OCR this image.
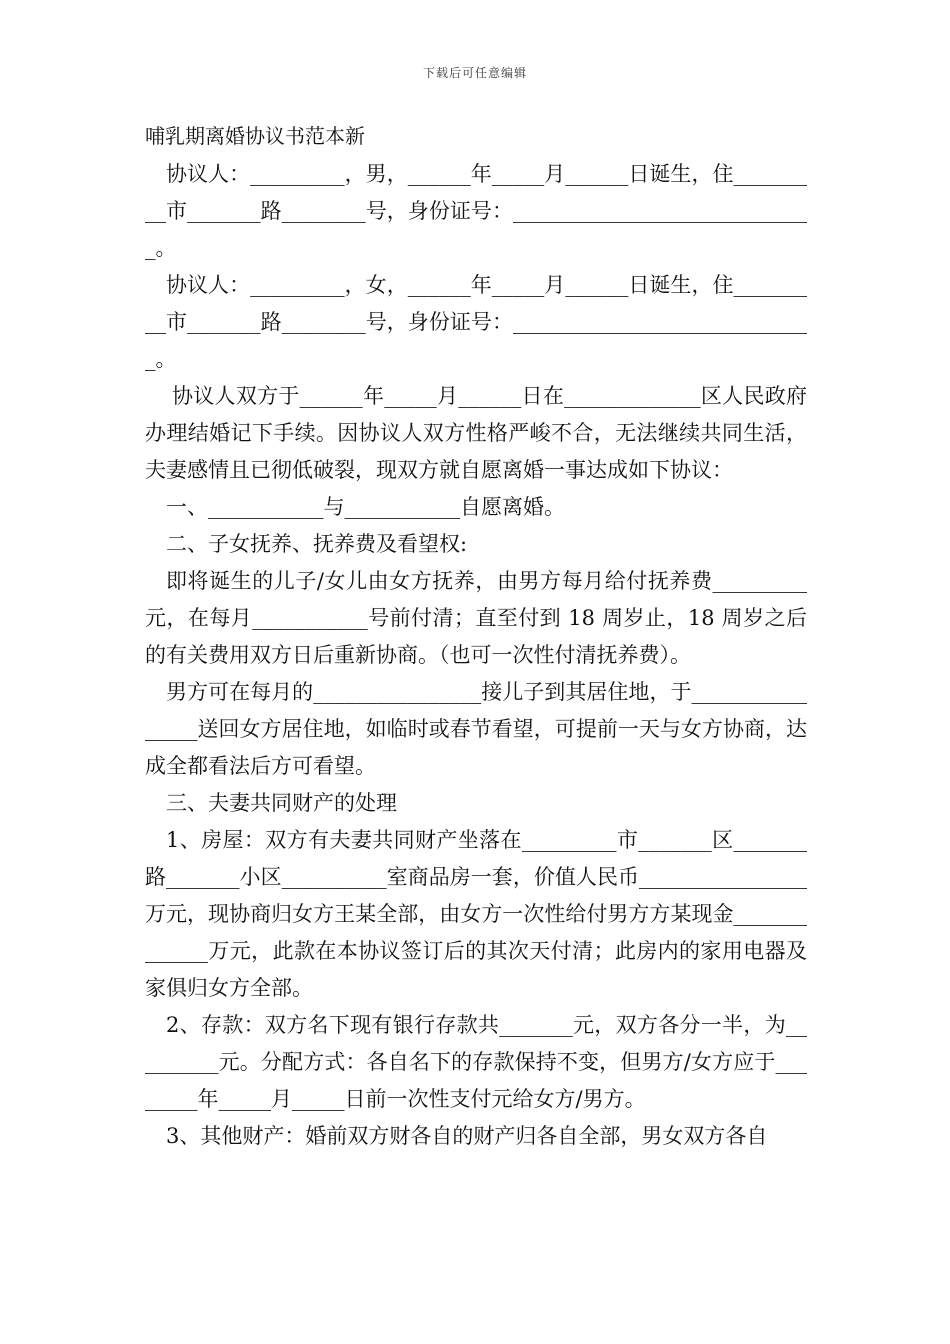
下载后可任意编辑
哺乳期离婚协议书范本新

协议人：_________，男，______年_____月______日诞生，住_________市_______路________号，身份证号：_____________________________。

协议人：_________，女，______年_____月______日诞生，住_________市_______路________号，身份证号：_____________________________。

协议人双方于______年_____月______日在_____________区人民政府办理结婚记下手续。因协议人双方性格严峻不合，无法继续共同生活，夫妻感情且已彻低破裂，现双方就自愿离婚一事达成如下协议：

一、___________与___________自愿离婚。

二、子女抚养、抚养费及看望权:

即将诞生的儿子/女儿由女方抚养，由男方每月给付抚养费_________元，在每月___________号前付清；直至付到 18 周岁止，18 周岁之后的有关费用双方日后重新协商。（也可一次性付清抚养费）。

男方可在每月的________________接儿子到其居住地，于________________送回女方居住地，如临时或春节看望，可提前一天与女方协商，达成全都看法后方可看望。

三、夫妻共同财产的处理

1、房屋：双方有夫妻共同财产坐落在_________市_______区_______路_______小区__________室商品房一套，价值人民币________________万元，现协商归女方王某全部，由女方一次性给付男方方某现金_____________万元，此款在本协议签订后的其次天付清；此房内的家用电器及家俱归女方全部。

2、存款：双方名下现有银行存款共_______元，双方各分一半，为_________元。分配方式：各自名下的存款保持不变，但男方/女方应于________年_____月_____日前一次性支付元给女方/男方。

3、其他财产：婚前双方财各自的财产归各自全部，男女双方各自
